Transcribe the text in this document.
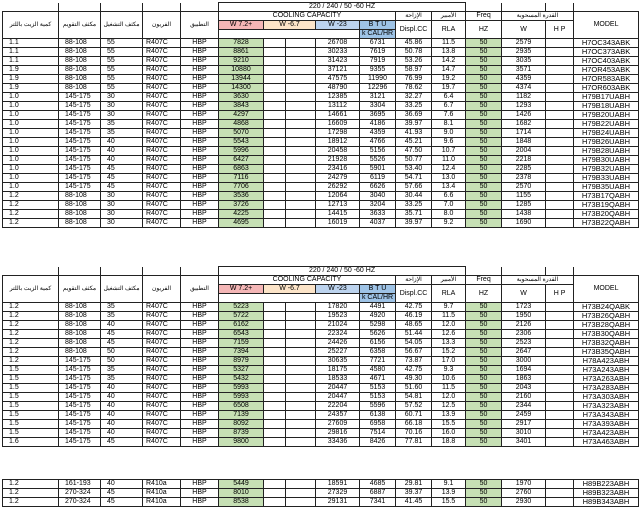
					220 / 240 / 50 -60 HZ										
كمية الزيت باللتر	مكثف التقويم	مكثف التشغيل	الفريون	التطبيق	COOLING CAPACITY					الإزاحة	الأمبير	Freq	القدرة المسحوبة		MODEL
					W 7.2+	W -6.7		W -23	B T U	Displ.CC	RLA	HZ	W	H P	
									k CAL/HR						
1.1	88-108	55	R407C	HBP	7828			26708	6731	45.86	11.5	50	2579		H7OC343ABK
1.1	88-108	55	R407C	HBP	8861			30233	7619	50.78	13.8	50	2935		H7OC373ABK
1.1	88-108	55	R407C	HBP	9210			31423	7919	53.26	14.2	50	3035		H7OC403ABK
1.9	88-108	55	R407C	HBP	10880			37121	9355	58.97	14.7	50	3571		H7OR453ABK
1.9	88-108	55	R407C	HBP	13944			47575	11990	76.99	19.2	50	4359		H7OR583ABK
1.9	88-108	55	R407C	HBP	14300			48790	12296	78.62	19.7	50	4374		H7OR603ABK
1.0	145-175	30	R407C	HBP	3630			12385	3121	32.27	6.4	50	1182		H79B17UABH
1.0	145-175	30	R407C	HBP	3843			13112	3304	33.25	6.7	50	1293		H79B18UABH
1.0	145-175	30	R407C	HBP	4297			14661	3695	36.69	7.6	50	1426		H79B20UABH
1.0	145-175	35	R407C	HBP	4868			16609	4186	39.97	8.1	50	1682		H79B22UABH
1.0	145-175	35	R407C	HBP	5070			17298	4359	41.93	9.0	50	1714		H79B24UABH
1.0	145-175	40	R407C	HBP	5543			18912	4766	45.21	9.6	50	1848		H79B26UABH
1.0	145-175	40	R407C	HBP	5996			20458	5156	47.50	10.7	50	2004		H79B28UABH
1.0	145-175	40	R407C	HBP	6427			21928	5526	50.77	11.0	50	2218		H79B30UABH
1.0	145-175	45	R407C	HBP	6863			23416	5901	53.40	12.4	50	2285		H79B32UABH
1.0	145-175	45	R407C	HBP	7116			24279	6119	54.71	13.0	50	2378		H79B33UABH
1.0	145-175	45	R407C	HBP	7706			26292	6626	57.66	13.4	50	2570		H79B35UABH
1.2	88-108	30	R407C	HBP	3536			12064	3040	30.44	6.6	50	1155		H73B17QABH
1.2	88-108	30	R407C	HBP	3726			12713	3204	33.25	7.0	50	1285		H73B19QABH
1.2	88-108	30	R407C	HBP	4225			14415	3633	35.71	8.0	50	1438		H73B20QABH
1.2	88-108	30	R407C	HBP	4695			16019	4037	39.97	9.2	50	1690		H73B22QABH
					220 / 240 / 50 -60 HZ										
كمية الزيت باللتر	مكثف التقويم	مكثف التشغيل	الفريون	التطبيق	COOLING CAPACITY					الإزاحة	الأمبير	Freq	القدرة المسحوبة		MODEL
					W 7.2+	W -6.7		W -23	B T U	Displ.CC	RLA	HZ	W	H P	
									k CAL/HR						
1.2	88-108	35	R407C	HBP	5223			17820	4491	42.75	9.7	50	1723		H73B24QABK
1.2	88-108	35	R407C	HBP	5722			19523	4920	46.19	11.5	50	1950		H73B26QABH
1.2	88-108	40	R407C	HBP	6162			21024	5298	48.65	12.0	50	2126		H73B28QABH
1.2	88-108	45	R407C	HBP	6543			22324	5626	51.44	12.6	50	2306		H73B30QABH
1.2	88-108	45	R407C	HBP	7159			24426	6156	54.05	13.3	50	2523		H73B32QABH
1.2	88-108	50	R407C	HBP	7394			25227	6358	56.67	15.2	50	2647		H73B35QABH
1.2	145-175	50	R407C	HBP	8979			30635	7721	73.87	17.0	50	3000		H78A423ABH
1.5	145-175	35	R407C	HBP	5327			18175	4580	42.75	9.3	50	1694		H73A243ABH
1.5	145-175	35	R407C	HBP	5432			18533	4671	49.30	10.6	50	1863		H73A263ABH
1.5	145-175	40	R407C	HBP	5993			20447	5153	51.60	11.5	50	2043		H73A283ABH
1.5	145-175	40	R407C	HBP	5993			20447	5153	54.81	12.0	50	2160		H73A303ABH
1.5	145-175	40	R407C	HBP	6508			22204	5596	57.52	12.5	50	2344		H73A323ABH
1.5	145-175	40	R407C	HBP	7139			24357	6138	60.71	13.9	50	2459		H73A343ABH
1.5	145-175	40	R407C	HBP	8092			27609	6958	66.18	15.5	50	2917		H73A393ABH
1.5	145-175	40	R407C	HBP	8739			29816	7514	70.16	16.0	50	3010		H73A423ABH
1.6	145-175	45	R407C	HBP	9800			33436	8426	77.81	18.8	50	3401		H73A463ABH
1.2	161-193	40	R410a	HBP	5449			18591	4685	29.81	9.1	50	1970		H89B223ABH
1.2	270-324	45	R410a	HBP	8010			27329	6887	39.37	13.9	50	2760		H89B323ABH
1.2	270-324	45	R410a	HBP	8538			29131	7341	41.45	15.5	50	2930		H89B343ABH
